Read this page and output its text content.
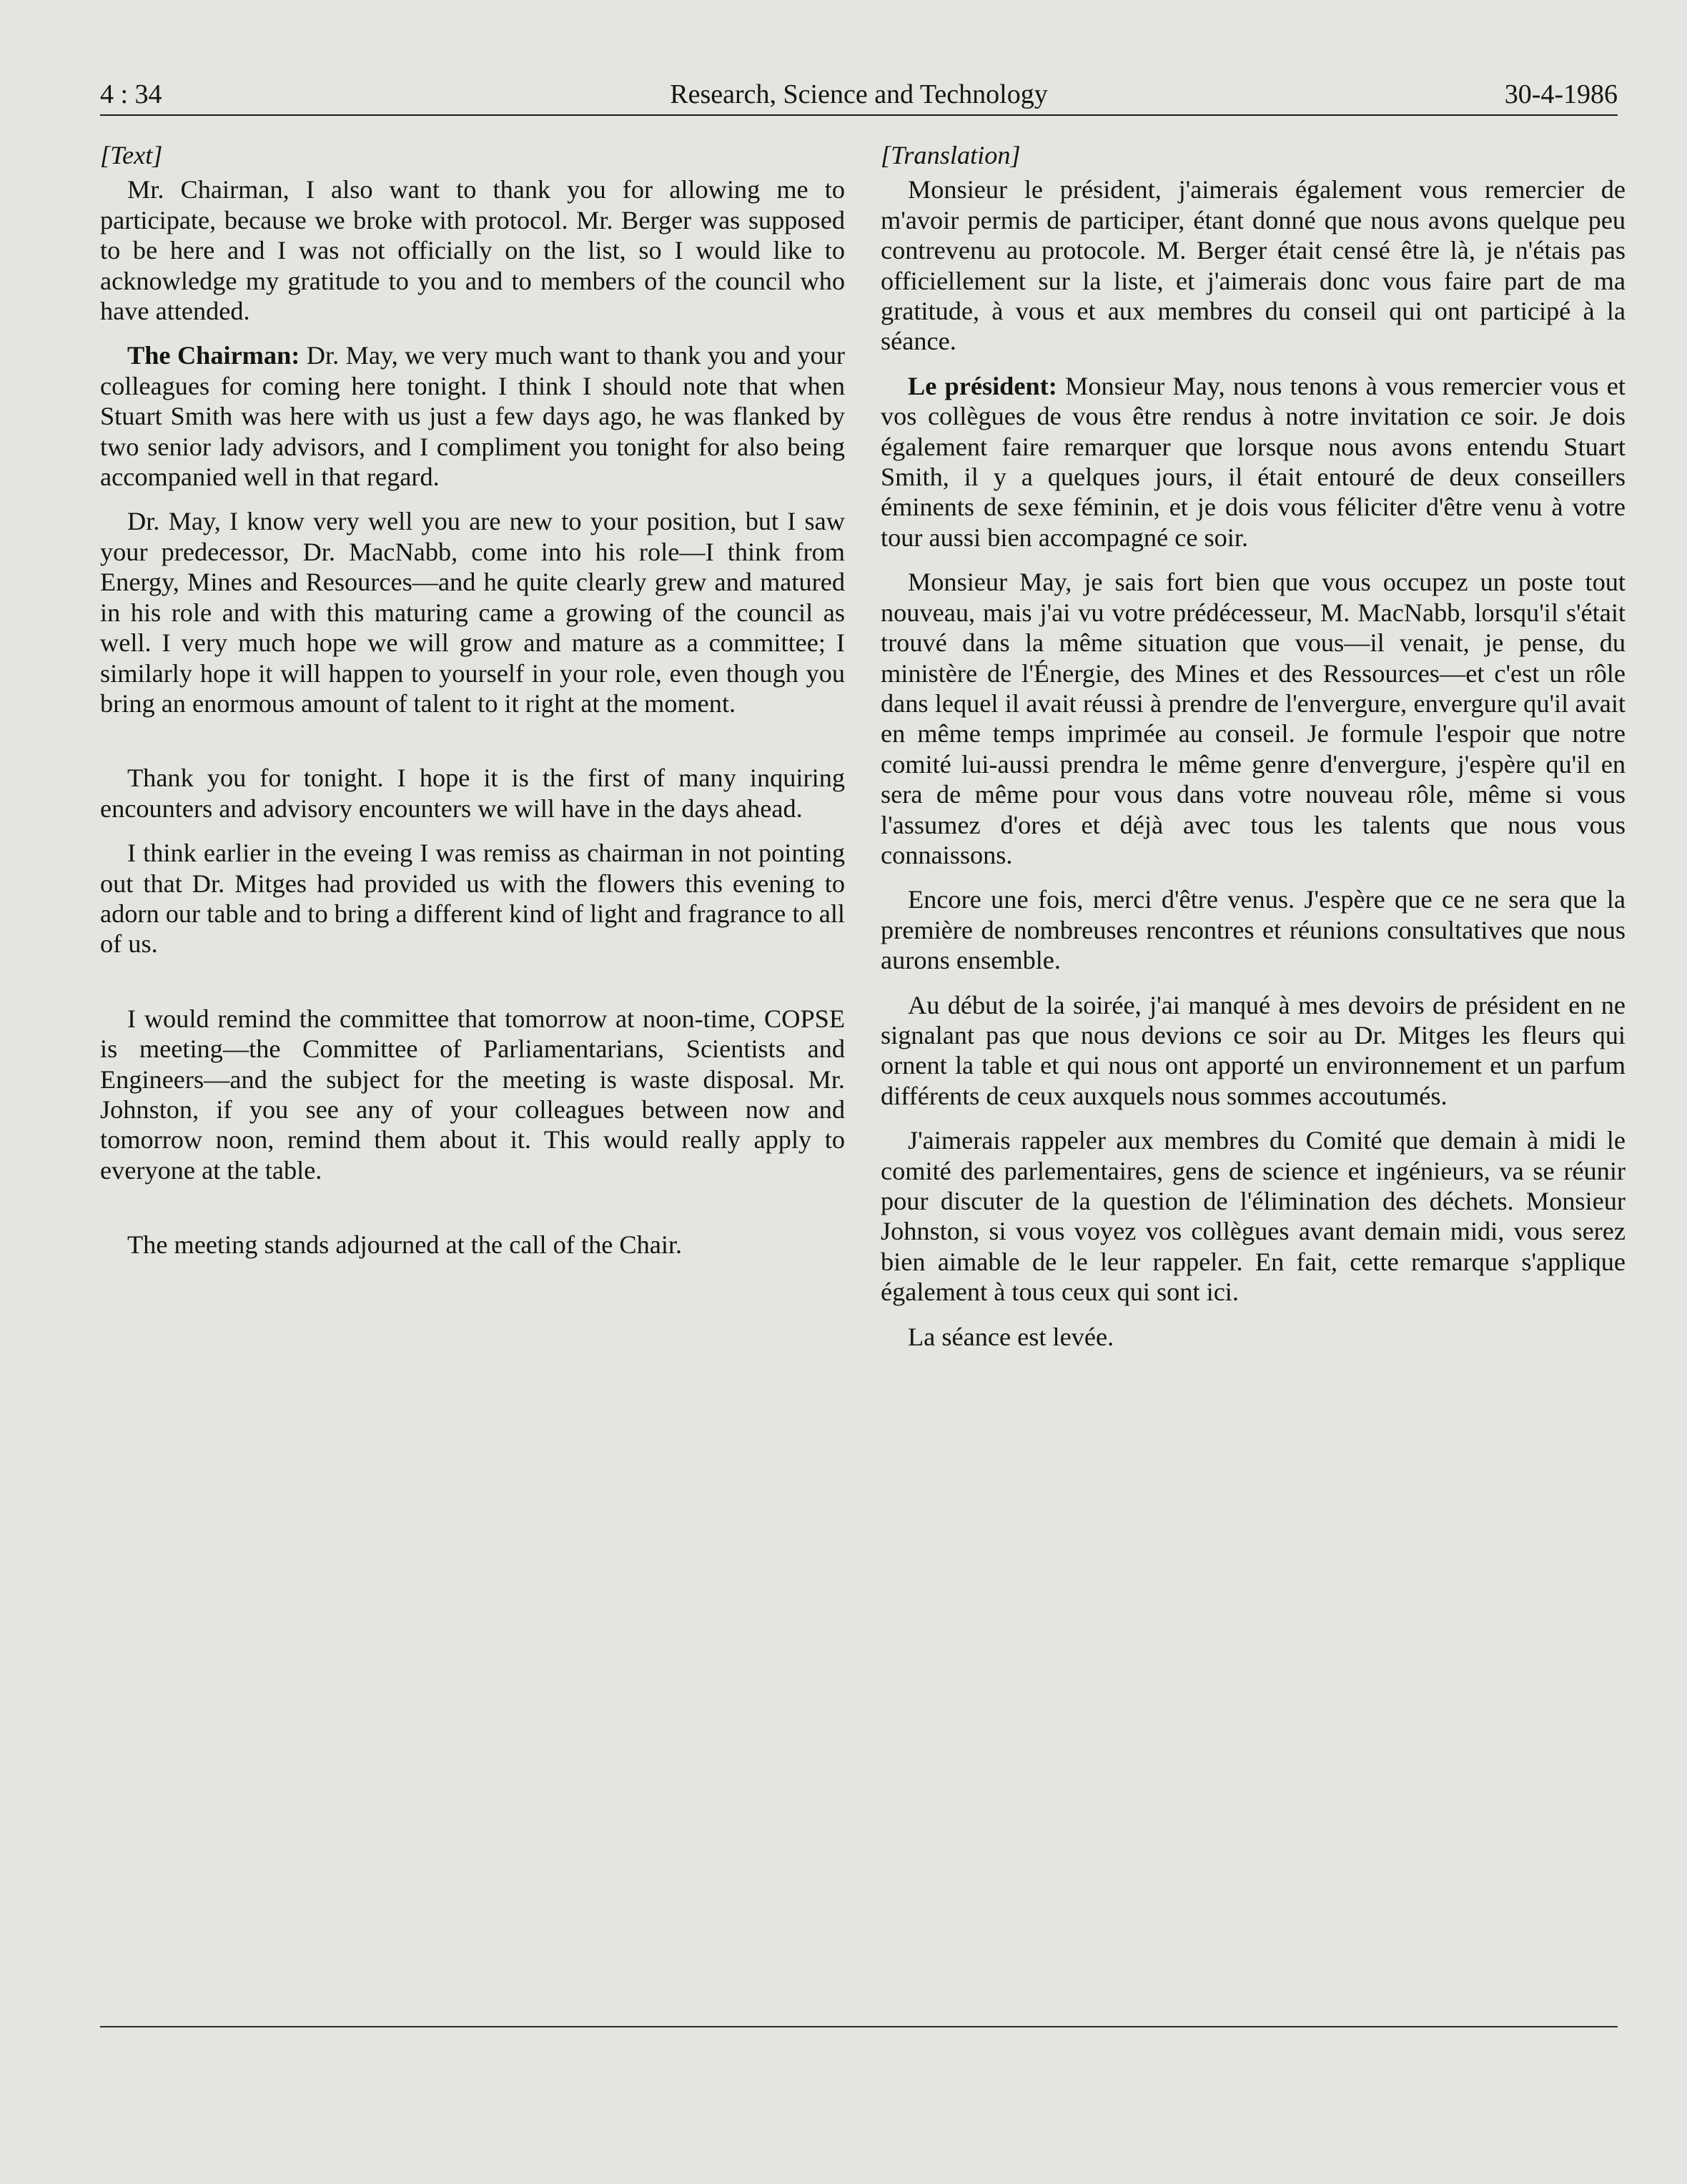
4 : 34	Research, Science and Technology	30-4-1986

[Text]

Mr. Chairman, I also want to thank you for allowing me to participate, because we broke with protocol. Mr. Berger was supposed to be here and I was not officially on the list, so I would like to acknowledge my gratitude to you and to members of the council who have attended.

The Chairman: Dr. May, we very much want to thank you and your colleagues for coming here tonight. I think I should note that when Stuart Smith was here with us just a few days ago, he was flanked by two senior lady advisors, and I compliment you tonight for also being accompanied well in that regard.

Dr. May, I know very well you are new to your position, but I saw your predecessor, Dr. MacNabb, come into his role—I think from Energy, Mines and Resources—and he quite clearly grew and matured in his role and with this maturing came a growing of the council as well. I very much hope we will grow and mature as a committee; I similarly hope it will happen to yourself in your role, even though you bring an enormous amount of talent to it right at the moment.

Thank you for tonight. I hope it is the first of many inquiring encounters and advisory encounters we will have in the days ahead.

I think earlier in the eveing I was remiss as chairman in not pointing out that Dr. Mitges had provided us with the flowers this evening to adorn our table and to bring a different kind of light and fragrance to all of us.

I would remind the committee that tomorrow at noon-time, COPSE is meeting—the Committee of Parliamentarians, Scientists and Engineers—and the subject for the meeting is waste disposal. Mr. Johnston, if you see any of your colleagues between now and tomorrow noon, remind them about it. This would really apply to everyone at the table.

The meeting stands adjourned at the call of the Chair.

[Translation]

Monsieur le président, j'aimerais également vous remercier de m'avoir permis de participer, étant donné que nous avons quelque peu contrevenu au protocole. M. Berger était censé être là, je n'étais pas officiellement sur la liste, et j'aimerais donc vous faire part de ma gratitude, à vous et aux membres du conseil qui ont participé à la séance.

Le président: Monsieur May, nous tenons à vous remercier vous et vos collègues de vous être rendus à notre invitation ce soir. Je dois également faire remarquer que lorsque nous avons entendu Stuart Smith, il y a quelques jours, il était entouré de deux conseillers éminents de sexe féminin, et je dois vous féliciter d'être venu à votre tour aussi bien accompagné ce soir.

Monsieur May, je sais fort bien que vous occupez un poste tout nouveau, mais j'ai vu votre prédécesseur, M. MacNabb, lorsqu'il s'était trouvé dans la même situation que vous—il venait, je pense, du ministère de l'Énergie, des Mines et des Ressources—et c'est un rôle dans lequel il avait réussi à prendre de l'envergure, envergure qu'il avait en même temps imprimée au conseil. Je formule l'espoir que notre comité lui-aussi prendra le même genre d'envergure, j'espère qu'il en sera de même pour vous dans votre nouveau rôle, même si vous l'assumez d'ores et déjà avec tous les talents que nous vous connaissons.

Encore une fois, merci d'être venus. J'espère que ce ne sera que la première de nombreuses rencontres et réunions consultatives que nous aurons ensemble.

Au début de la soirée, j'ai manqué à mes devoirs de président en ne signalant pas que nous devions ce soir au Dr. Mitges les fleurs qui ornent la table et qui nous ont apporté un environnement et un parfum différents de ceux auxquels nous sommes accoutumés.

J'aimerais rappeler aux membres du Comité que demain à midi le comité des parlementaires, gens de science et ingénieurs, va se réunir pour discuter de la question de l'élimination des déchets. Monsieur Johnston, si vous voyez vos collègues avant demain midi, vous serez bien aimable de le leur rappeler. En fait, cette remarque s'applique également à tous ceux qui sont ici.

La séance est levée.
